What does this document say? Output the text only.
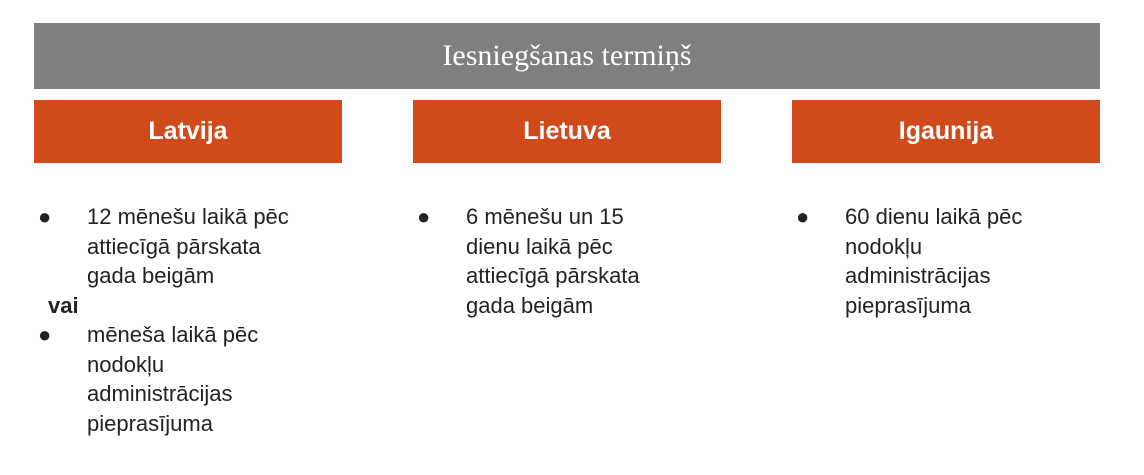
Iesniegšanas termiņš
Latvija	Lietuva	Igaunija
● 12 mēnešu laikā pēc
attiecīgā pārskata
gada beigām
vai
● mēneša laikā pēc
nodokļu
administrācijas
pieprasījuma
● 6 mēnešu un 15
dienu laikā pēc
attiecīgā pārskata
gada beigām
● 60 dienu laikā pēc
nodokļu
administrācijas
pieprasījuma
